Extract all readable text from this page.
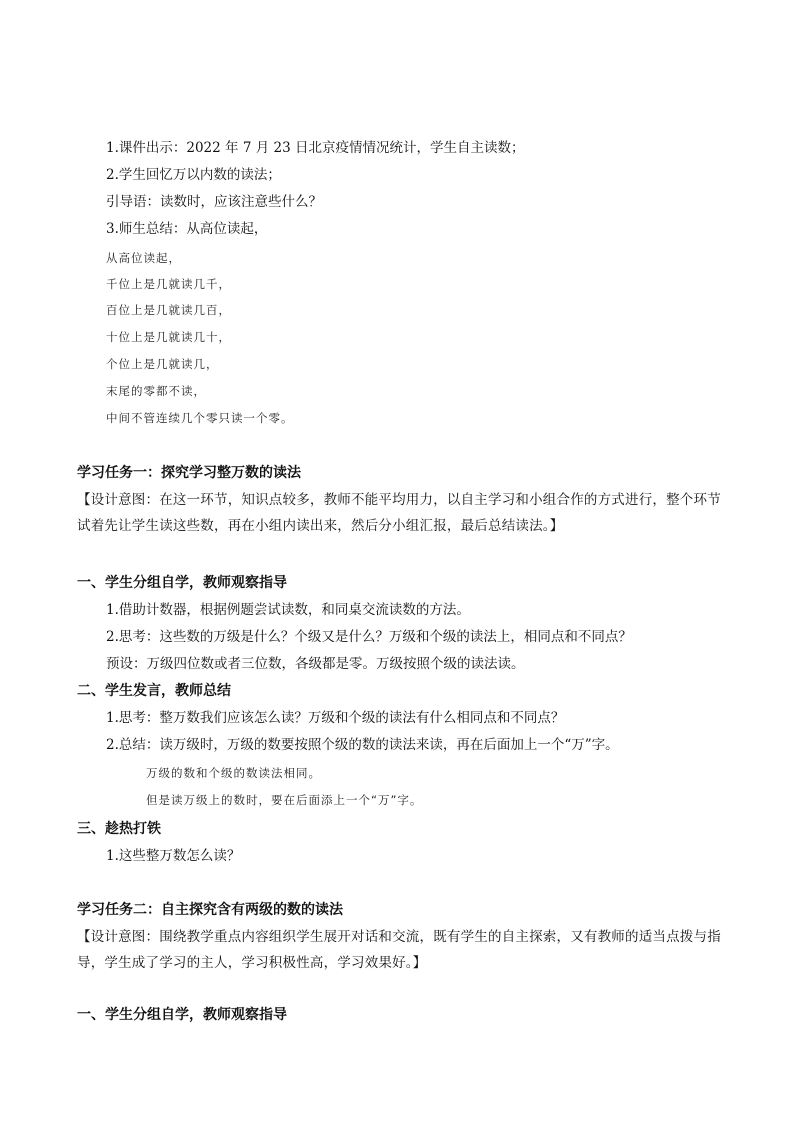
1.课件出示：2022 年 7 月 23 日北京疫情情况统计，学生自主读数；
2.学生回忆万以内数的读法；
引导语：读数时，应该注意些什么？
3.师生总结：从高位读起，
从高位读起，
千位上是几就读几千，
百位上是几就读几百，
十位上是几就读几十，
个位上是几就读几，
末尾的零都不读，
中间不管连续几个零只读一个零。
学习任务一：探究学习整万数的读法
【设计意图：在这一环节，知识点较多，教师不能平均用力，以自主学习和小组合作的方式进行，整个环节试着先让学生读这些数，再在小组内读出来，然后分小组汇报，最后总结读法。】
一、学生分组自学，教师观察指导
1.借助计数器，根据例题尝试读数，和同桌交流读数的方法。
2.思考：这些数的万级是什么？个级又是什么？万级和个级的读法上，相同点和不同点？
预设：万级四位数或者三位数，各级都是零。万级按照个级的读法读。
二、学生发言，教师总结
1.思考：整万数我们应该怎么读？万级和个级的读法有什么相同点和不同点？
2.总结：读万级时，万级的数要按照个级的数的读法来读，再在后面加上一个“万”字。
万级的数和个级的数读法相同。
但是读万级上的数时，要在后面添上一个“万”字。
三、趁热打铁
1.这些整万数怎么读？
学习任务二：自主探究含有两级的数的读法
【设计意图：围绕教学重点内容组织学生展开对话和交流，既有学生的自主探索，又有教师的适当点拨与指导，学生成了学习的主人，学习积极性高，学习效果好。】
一、学生分组自学，教师观察指导
